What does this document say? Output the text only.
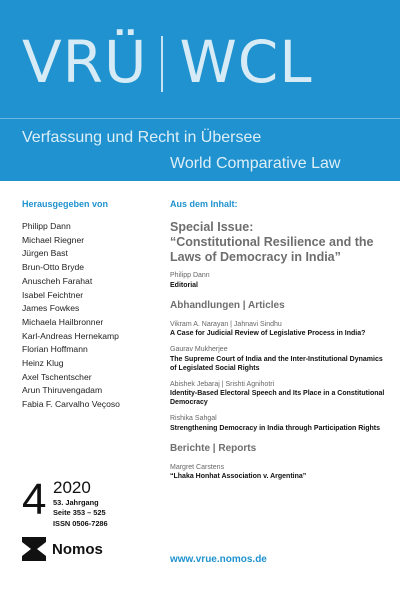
VRÜ WCL
Verfassung und Recht in Übersee
World Comparative Law
Herausgegeben von
Philipp Dann
Michael Riegner
Jürgen Bast
Brun-Otto Bryde
Anuscheh Farahat
Isabel Feichtner
James Fowkes
Michaela Hailbronner
Karl-Andreas Hernekamp
Florian Hoffmann
Heinz Klug
Axel Tschentscher
Arun Thiruvengadam
Fabia F. Carvalho Veçoso
4 2020
53. Jahrgang
Seite 353 – 525
ISSN 0506-7286
Nomos
Aus dem Inhalt:
Special Issue:
“Constitutional Resilience and the Laws of Democracy in India”
Philipp Dann
Editorial
Abhandlungen | Articles
Vikram A. Narayan | Jahnavi Sindhu
A Case for Judicial Review of Legislative Process in India?
Gaurav Mukherjee
The Supreme Court of India and the Inter-Institutional Dynamics of Legislated Social Rights
Abishek Jebaraj | Srishti Agnihotri
Identity-Based Electoral Speech and Its Place in a Constitutional Democracy
Rishika Sahgal
Strengthening Democracy in India through Participation Rights
Berichte | Reports
Margret Carstens
“Lhaka Honhat Association v. Argentina”
www.vrue.nomos.de
